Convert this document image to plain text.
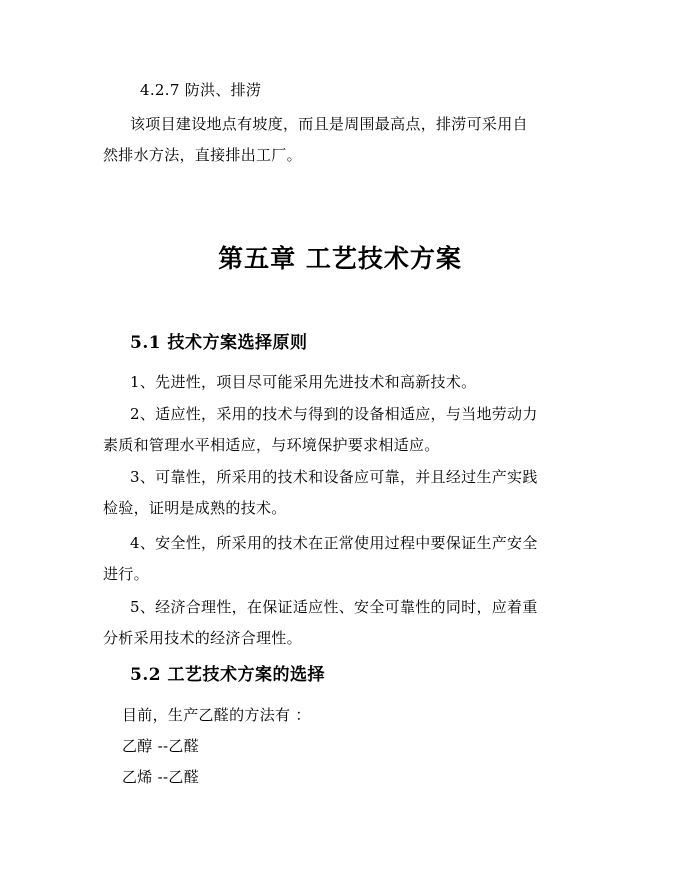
4.2.7 防洪、排涝
该项目建设地点有坡度，而且是周围最高点，排涝可采用自
然排水方法，直接排出工厂。
第五章 工艺技术方案
5.1 技术方案选择原则
1、先进性，项目尽可能采用先进技术和高新技术。
2、适应性，采用的技术与得到的设备相适应，与当地劳动力
素质和管理水平相适应，与环境保护要求相适应。
3、可靠性，所采用的技术和设备应可靠，并且经过生产实践
检验，证明是成熟的技术。
4、安全性，所采用的技术在正常使用过程中要保证生产安全
进行。
5、经济合理性，在保证适应性、安全可靠性的同时，应着重
分析采用技术的经济合理性。
5.2 工艺技术方案的选择
目前，生产乙醛的方法有 ：
乙醇 --乙醛
乙烯 --乙醛
